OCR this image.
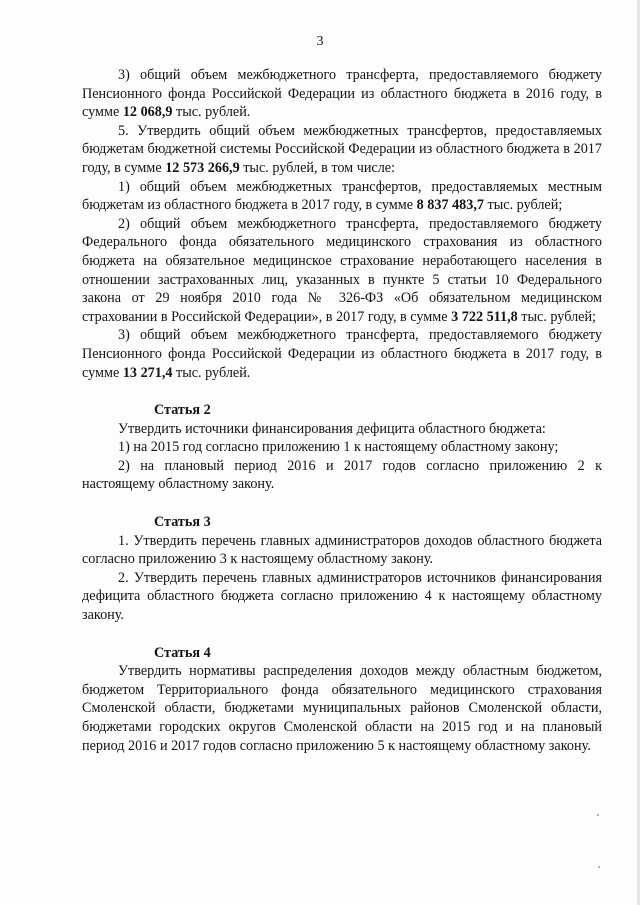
3

3) общий объем межбюджетного трансферта, предоставляемого бюджету Пенсионного фонда Российской Федерации из областного бюджета в 2016 году, в сумме 12 068,9 тыс. рублей.

5. Утвердить общий объем межбюджетных трансфертов, предоставляемых бюджетам бюджетной системы Российской Федерации из областного бюджета в 2017 году, в сумме 12 573 266,9 тыс. рублей, в том числе:

1) общий объем межбюджетных трансфертов, предоставляемых местным бюджетам из областного бюджета в 2017 году, в сумме 8 837 483,7 тыс. рублей;

2) общий объем межбюджетного трансферта, предоставляемого бюджету Федерального фонда обязательного медицинского страхования из областного бюджета на обязательное медицинское страхование неработающего населения в отношении застрахованных лиц, указанных в пункте 5 статьи 10 Федерального закона от 29 ноября 2010 года № 326-ФЗ «Об обязательном медицинском страховании в Российской Федерации», в 2017 году, в сумме 3 722 511,8 тыс. рублей;

3) общий объем межбюджетного трансферта, предоставляемого бюджету Пенсионного фонда Российской Федерации из областного бюджета в 2017 году, в сумме 13 271,4 тыс. рублей.

Статья 2

Утвердить источники финансирования дефицита областного бюджета:

1) на 2015 год согласно приложению 1 к настоящему областному закону;

2) на плановый период 2016 и 2017 годов согласно приложению 2 к настоящему областному закону.

Статья 3

1. Утвердить перечень главных администраторов доходов областного бюджета согласно приложению 3 к настоящему областному закону.

2. Утвердить перечень главных администраторов источников финансирования дефицита областного бюджета согласно приложению 4 к настоящему областному закону.

Статья 4

Утвердить нормативы распределения доходов между областным бюджетом, бюджетом Территориального фонда обязательного медицинского страхования Смоленской области, бюджетами муниципальных районов Смоленской области, бюджетами городских округов Смоленской области на 2015 год и на плановый период 2016 и 2017 годов согласно приложению 5 к настоящему областному закону.
